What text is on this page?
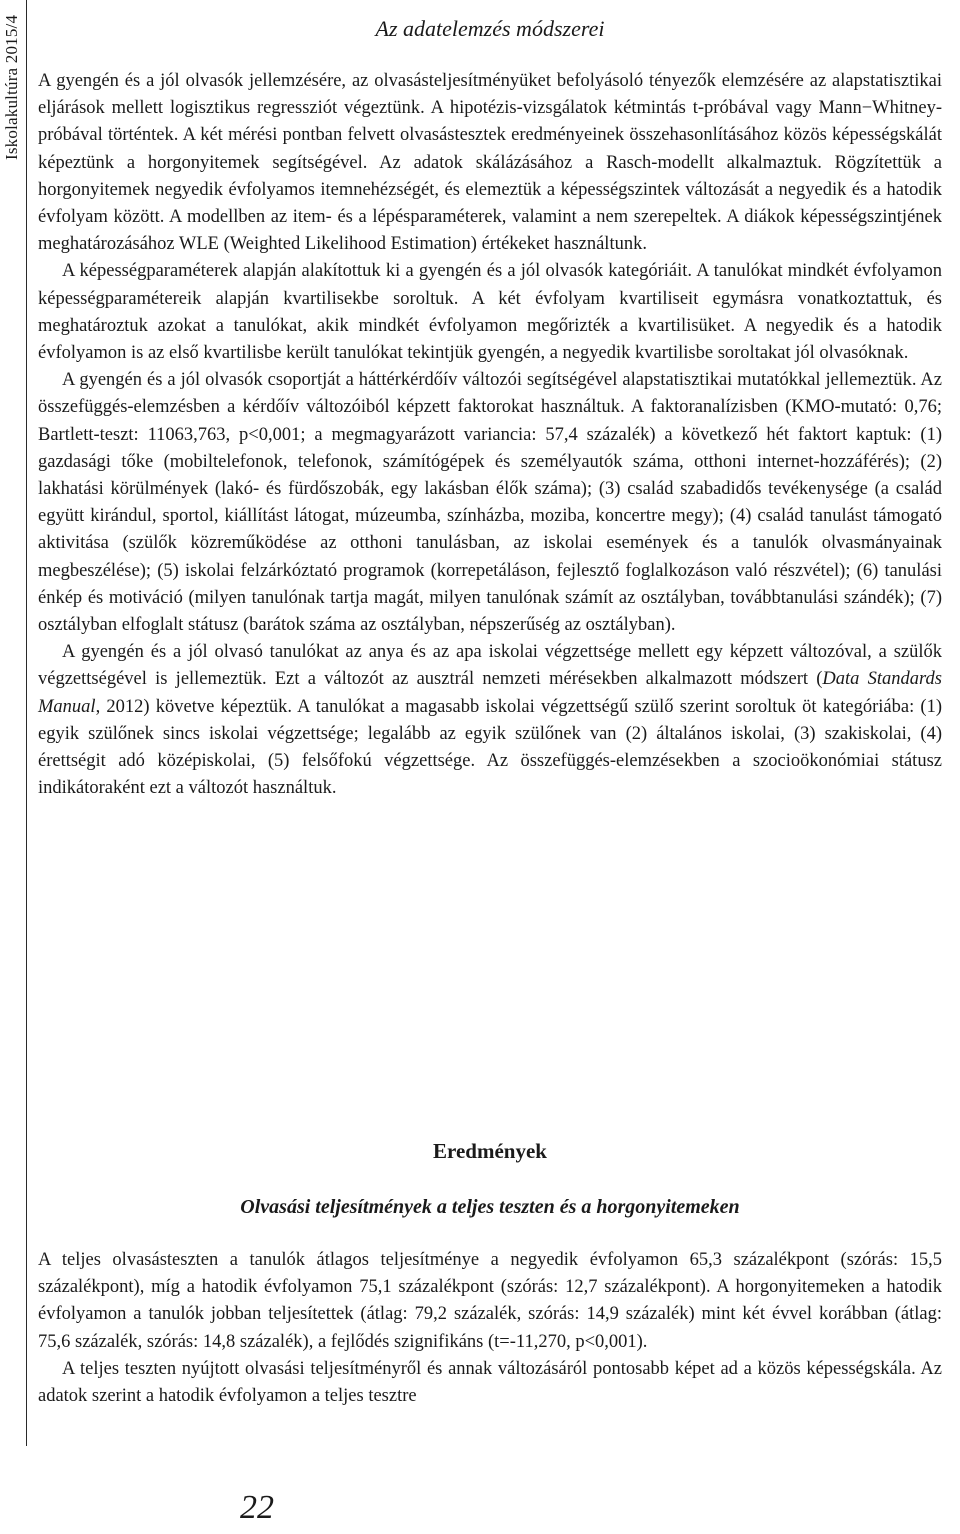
Iskolakultúra 2015/4	Az adatelemzés módszerei

A gyengén és a jól olvasók jellemzésére, az olvasásteljesítményüket befolyásoló tényezők elemzésére az alapstatisztikai eljárások mellett logisztikus regressziót végeztünk. A hipotézis-vizsgálatok kétmintás t-próbával vagy Mann−Whitney-próbával történtek. A két mérési pontban felvett olvasástesztek eredményeinek összehasonlításához közös képességskálát képeztünk a horgonyitemek segítségével. Az adatok skálázásához a Rasch-modellt alkalmaztuk. Rögzítettük a horgonyitemek negyedik évfolyamos itemnehézségét, és elemeztük a képességszintek változását a negyedik és a hatodik évfolyam között. A modellben az item- és a lépésparaméterek, valamint a nem szerepeltek. A diákok képességszintjének meghatározásához WLE (Weighted Likelihood Estimation) értékeket használtunk.

A képességparaméterek alapján alakítottuk ki a gyengén és a jól olvasók kategóriáit. A tanulókat mindkét évfolyamon képességparamétereik alapján kvartilisekbe soroltuk. A két évfolyam kvartiliseit egymásra vonatkoztattuk, és meghatároztuk azokat a tanulókat, akik mindkét évfolyamon megőrizték a kvartilisüket. A negyedik és a hatodik évfolyamon is az első kvartilisbe került tanulókat tekintjük gyengén, a negyedik kvartilisbe soroltakat jól olvasóknak.

A gyengén és a jól olvasók csoportját a háttérkérdőív változói segítségével alapstatisztikai mutatókkal jellemeztük. Az összefüggés-elemzésben a kérdőív változóiból képzett faktorokat használtuk. A faktoranalízisben (KMO-mutató: 0,76; Bartlett-teszt: 11063,763, p<0,001; a megmagyarázott variancia: 57,4 százalék) a következő hét faktort kaptuk: (1) gazdasági tőke (mobiltelefonok, telefonok, számítógépek és személyautók száma, otthoni internet-hozzáférés); (2) lakhatási körülmények (lakó- és fürdőszobák, egy lakásban élők száma); (3) család szabadidős tevékenysége (a család együtt kirándul, sportol, kiállítást látogat, múzeumba, színházba, moziba, koncertre megy); (4) család tanulást támogató aktivitása (szülők közreműködése az otthoni tanulásban, az iskolai események és a tanulók olvasmányainak megbeszélése); (5) iskolai felzárkóztató programok (korrepetáláson, fejlesztő foglalkozáson való részvétel); (6) tanulási énkép és motiváció (milyen tanulónak tartja magát, milyen tanulónak számít az osztályban, továbbtanulási szándék); (7) osztályban elfoglalt státusz (barátok száma az osztályban, népszerűség az osztályban).

A gyengén és a jól olvasó tanulókat az anya és az apa iskolai végzettsége mellett egy képzett változóval, a szülők végzettségével is jellemeztük. Ezt a változót az ausztrál nemzeti mérésekben alkalmazott módszert (Data Standards Manual, 2012) követve képeztük. A tanulókat a magasabb iskolai végzettségű szülő szerint soroltuk öt kategóriába: (1) egyik szülőnek sincs iskolai végzettsége; legalább az egyik szülőnek van (2) általános iskolai, (3) szakiskolai, (4) érettségit adó középiskolai, (5) felsőfokú végzettsége. Az összefüggés-elemzésekben a szocioökonómiai státusz indikátoraként ezt a változót használtuk.

Eredmények
Olvasási teljesítmények a teljes teszten és a horgonyitemeken

A teljes olvasásteszten a tanulók átlagos teljesítménye a negyedik évfolyamon 65,3 százalékpont (szórás: 15,5 százalékpont), míg a hatodik évfolyamon 75,1 százalékpont (szórás: 12,7 százalékpont). A horgonyitemeken a hatodik évfolyamon a tanulók jobban teljesítettek (átlag: 79,2 százalék, szórás: 14,9 százalék) mint két évvel korábban (átlag: 75,6 százalék, szórás: 14,8 százalék), a fejlődés szignifikáns (t=-11,270, p<0,001).

A teljes teszten nyújtott olvasási teljesítményről és annak változásáról pontosabb képet ad a közös képességskála. Az adatok szerint a hatodik évfolyamon a teljes tesztre

22
